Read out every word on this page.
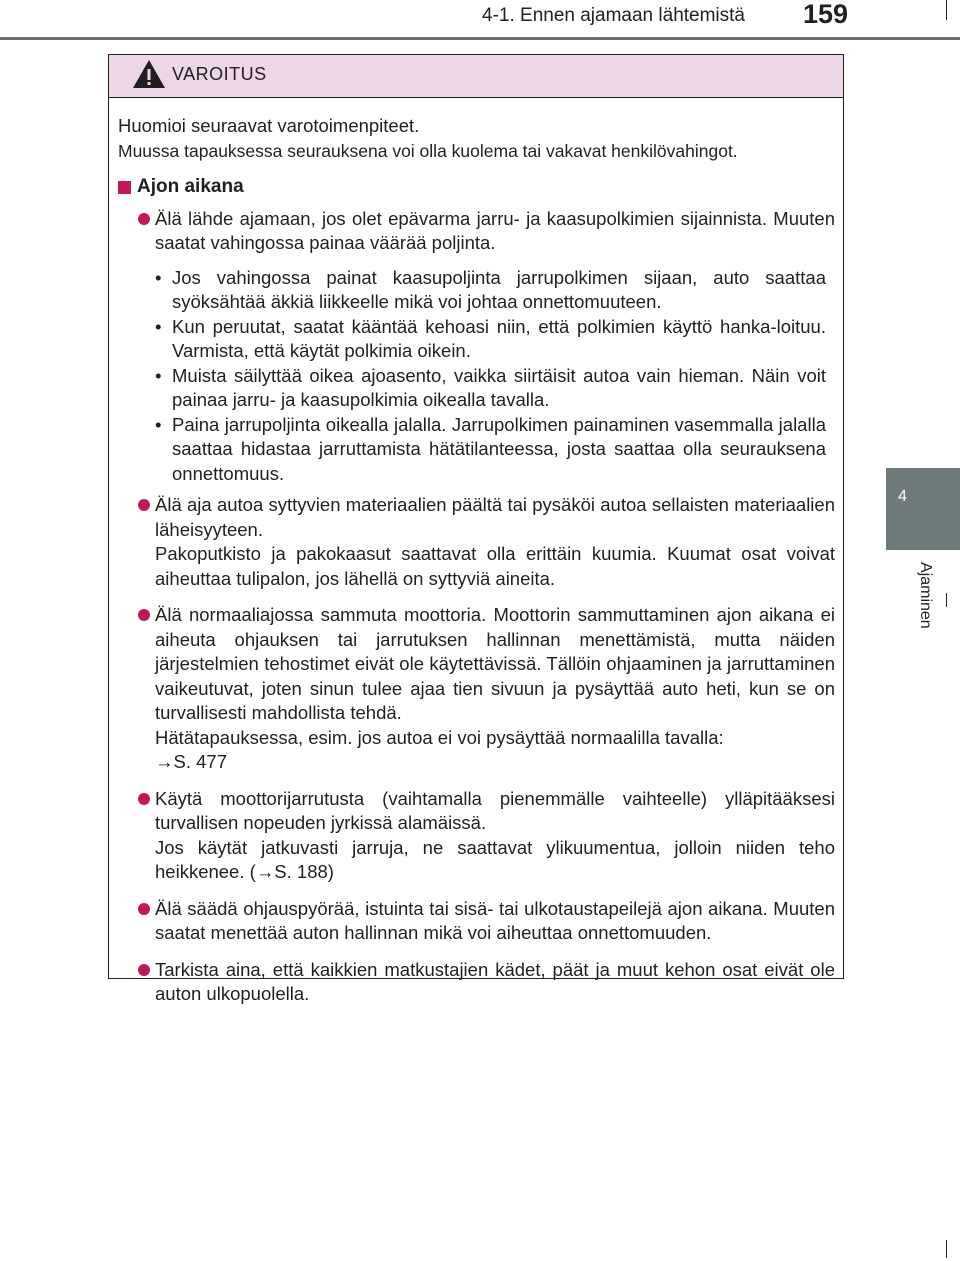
4-1. Ennen ajamaan lähtemistä 159
4
Ajaminen
VAROITUS
Huomioi seuraavat varotoimenpiteet.
Muussa tapauksessa seurauksena voi olla kuolema tai vakavat henkilövahingot.
Ajon aikana

Älä lähde ajamaan, jos olet epävarma jarru- ja kaasupolkimien sijainnista. Muuten saatat vahingossa painaa väärää poljinta.

• Jos vahingossa painat kaasupoljinta jarrupolkimen sijaan, auto saattaa syöksähtää äkkiä liikkeelle mikä voi johtaa onnettomuuteen.
• Kun peruutat, saatat kääntää kehoasi niin, että polkimien käyttö hanka-loituu. Varmista, että käytät polkimia oikein.
• Muista säilyttää oikea ajoasento, vaikka siirtäisit autoa vain hieman. Näin voit painaa jarru- ja kaasupolkimia oikealla tavalla.
• Paina jarrupoljinta oikealla jalalla. Jarrupolkimen painaminen vasemmalla jalalla saattaa hidastaa jarruttamista hätätilanteessa, josta saattaa olla seurauksena onnettomuus.

Älä aja autoa syttyvien materiaalien päältä tai pysäköi autoa sellaisten materiaalien läheisyyteen.

Pakoputkisto ja pakokaasut saattavat olla erittäin kuumia. Kuumat osat voivat aiheuttaa tulipalon, jos lähellä on syttyviä aineita.

Älä normaaliajossa sammuta moottoria. Moottorin sammuttaminen ajon aikana ei aiheuta ohjauksen tai jarrutuksen hallinnan menettämistä, mutta näiden järjestelmien tehostimet eivät ole käytettävissä. Tällöin ohjaaminen ja jarruttaminen vaikeutuvat, joten sinun tulee ajaa tien sivuun ja pysäyttää auto heti, kun se on turvallisesti mahdollista tehdä.

Hätätapauksessa, esim. jos autoa ei voi pysäyttää normaalilla tavalla:

→S. 477

Käytä moottorijarrutusta (vaihtamalla pienemmälle vaihteelle) ylläpitääksesi turvallisen nopeuden jyrkissä alamäissä.

Jos käytät jatkuvasti jarruja, ne saattavat ylikuumentua, jolloin niiden teho heikkenee. (→S. 188)

Älä säädä ohjauspyörää, istuinta tai sisä- tai ulkotaustapeilejä ajon aikana. Muuten saatat menettää auton hallinnan mikä voi aiheuttaa onnettomuuden.

Tarkista aina, että kaikkien matkustajien kädet, päät ja muut kehon osat eivät ole auton ulkopuolella.
